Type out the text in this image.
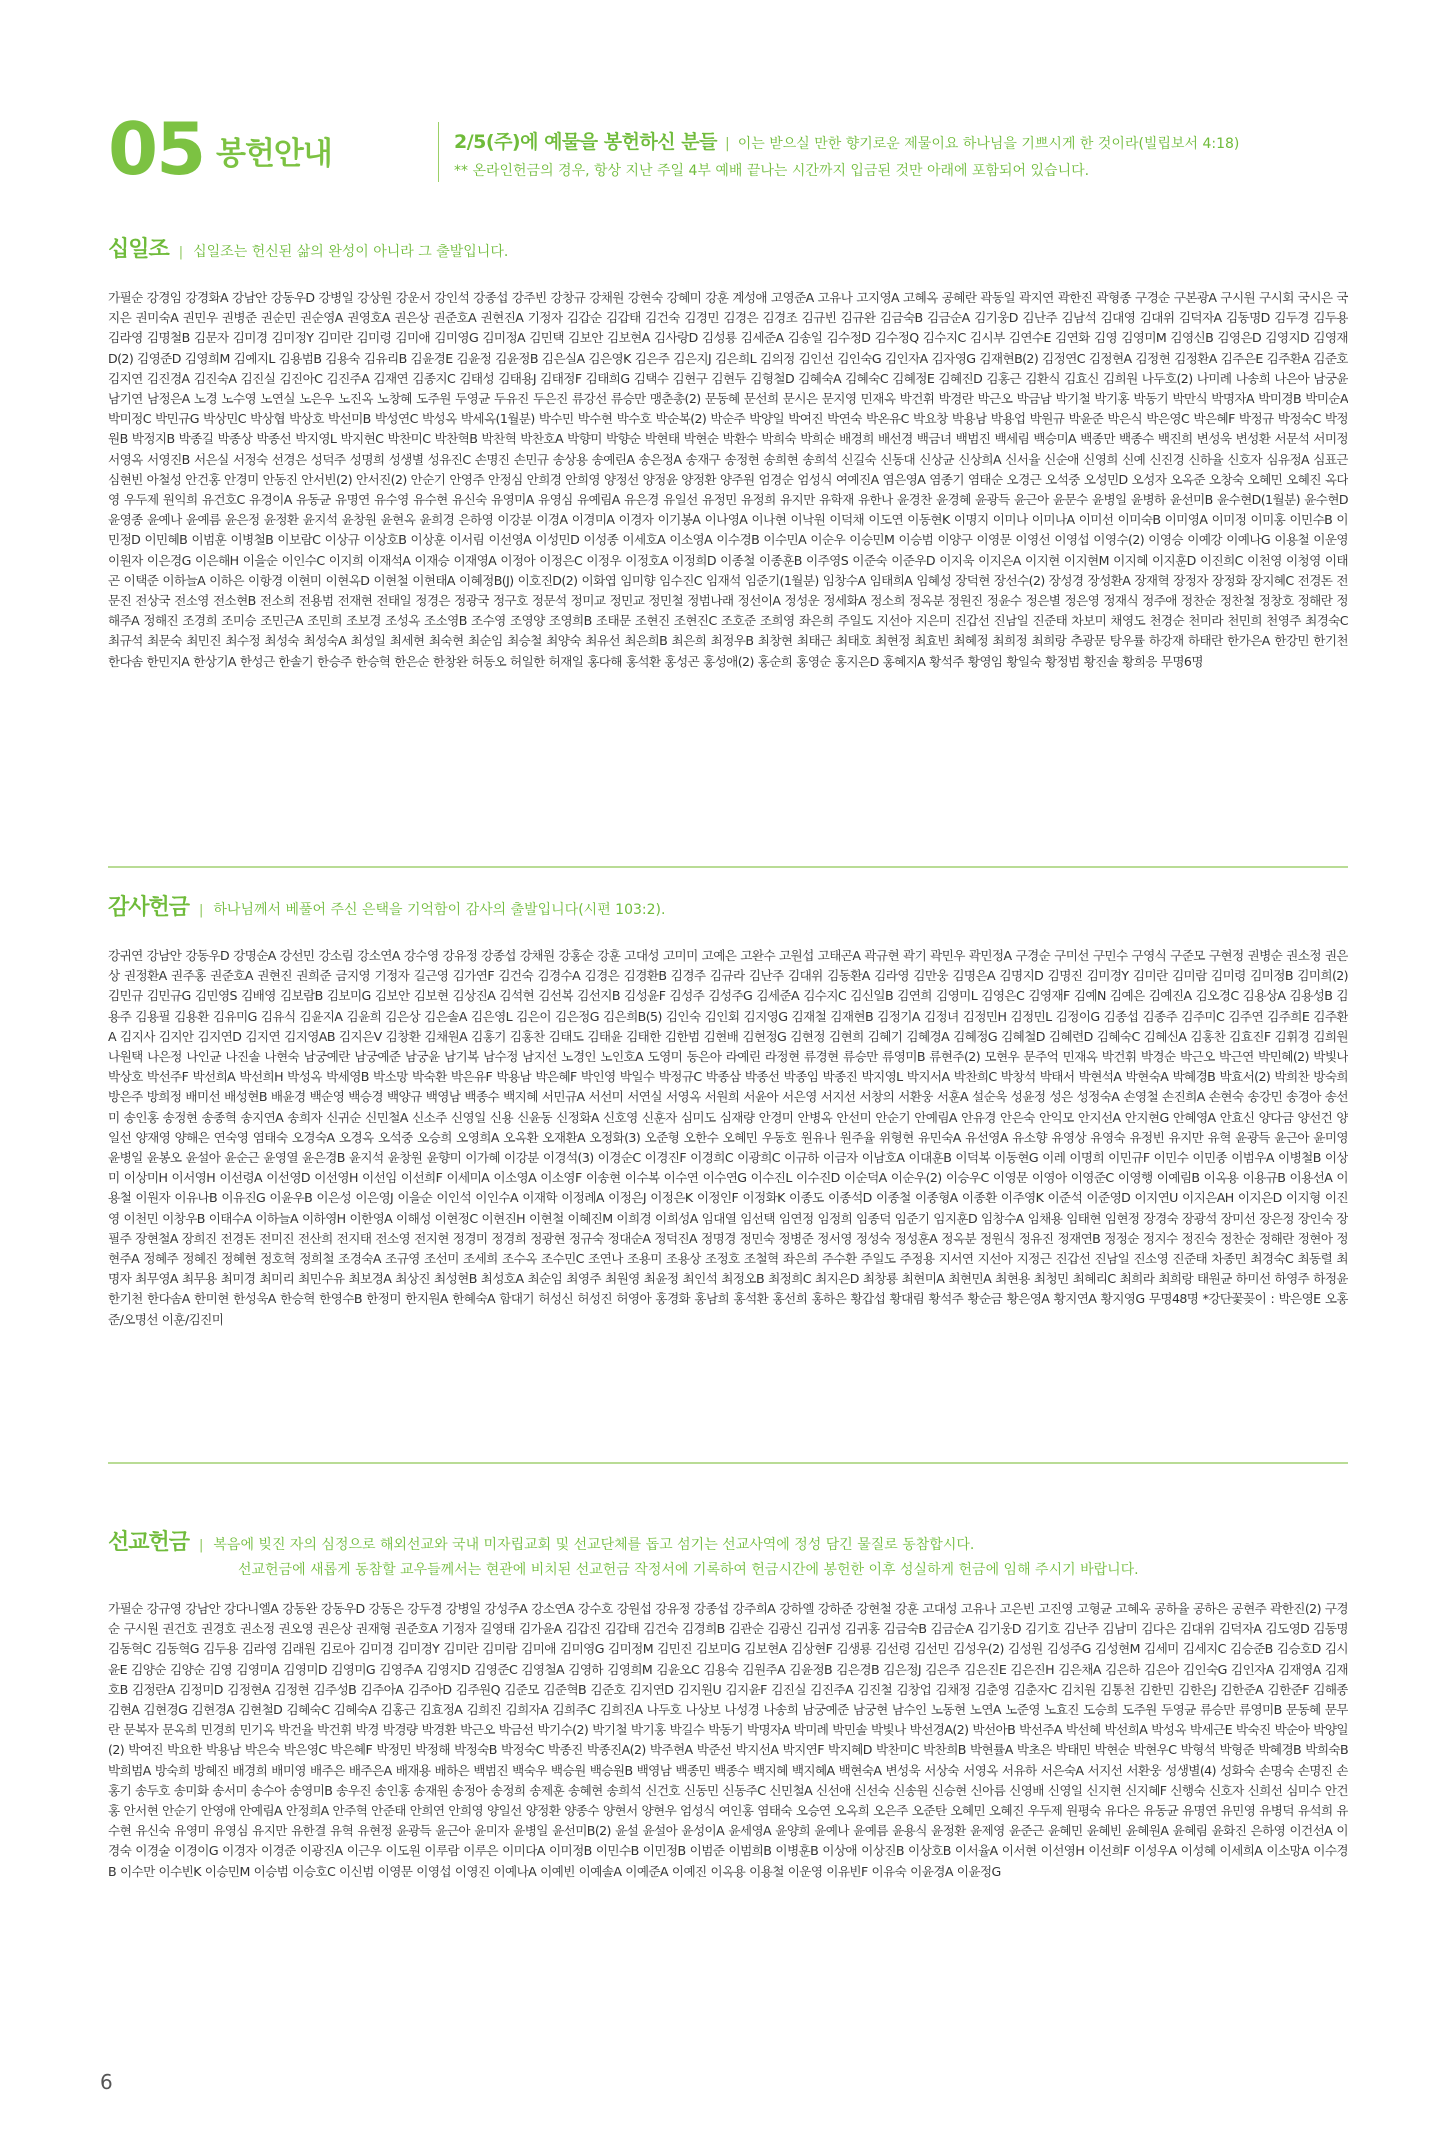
05 봉헌안내	2/5(주)에 예물을 봉헌하신 분들 | 이는 받으실 만한 향기로운 제물이요 하나님을 기쁘시게 한 것이라(빌립보서 4:18)
** 온라인헌금의 경우, 항상 지난 주일 4부 예배 끝나는 시간까지 입금된 것만 아래에 포함되어 있습니다.
십일조 | 십일조는 헌신된 삶의 완성이 아니라 그 출발입니다.
가필순 강경임 강경화A 강남안 강동우D 강병일 강상원 강운서 강인석 강종섭 강주빈 강창규 강채원 강현숙 강혜미 강훈 계성애 고영준A 고유나 고지영A 고혜옥 공혜란 곽동일 곽지연 곽한진 곽형종 구경순 구본광A 구시원 구시회 국시은 국지은 권미숙A 권민우 권병준 권순민 권순영A 권영호A 권은상 권준호A 권현진A 기정자 김갑순 김갑태 김건숙 김경민 김경은 김경조 김규빈 김규완 김금숙B 김금순A 김기웅D 김난주 김남석 김대영 김대위 김덕자A 김동명D 김두경 김두용 김라영 김명철B 김문자 김미경 김미정Y 김미란 김미령 김미애 김미영G 김미정A 김민택 김보안 김보현A 김사랑D 김성룡 김세준A 김송일 김수정D 김수정Q 김수지C 김시부 김연수E 김연화 김영 김영미M 김영신B 김영은D 김영지D 김영재D(2) 김영준D 김영희M 김예지L 김용범B 김용숙 김유리B 김윤경E 김윤정 김윤정B 김은실A 김은영K 김은주 김은지J 김은희L 김의정 김인선 김인숙G 김인자A 김자영G 김재현B(2) 김정연C 김정현A 김정현 김정환A 김주은E 김주환A 김준호 김지연 김진경A 김진숙A 김진실 김진아C 김진주A 김재연 김종지C 김태성 김태용J 김태정F 김태희G 김택수 김현구 김현두 김형철D 김혜숙A 김혜숙C 김혜정E 김혜진D 김홍근 김환식 김효신 김희원 나두호(2) 나미례 나송희 나은아 남궁윤 남기연 남정은A 노경 노수영 노연실 노은우 노진옥 노창혜 도주원 두영균 두유진 두은진 류강선 류승만 맹춘총(2) 문동혜 문선희 문시은 문지영 민재옥 박건휘 박경란 박근오 박금남 박기철 박기홍 박동기 박만식 박명자A 박미경B 박미순A 박미정C 박민규G 박상민C 박상협 박상호 박선미B 박성연C 박성옥 박세옥(1월분) 박수민 박수현 박수호 박순복(2) 박순주 박양일 박여진 박연숙 박온유C 박요창 박용남 박용업 박원규 박윤준 박은식 박은영C 박은혜F 박정규 박정숙C 박정원B 박정지B 박종길 박종상 박종선 박지영L 박지현C 박찬미C 박찬혁B 박찬혁 박찬호A 박향미 박향순 박현태 박현순 박환수 박희숙 박희순 배경희 배선경 백금녀 백범진 백세림 백승미A 백종만 백종수 백진희 변성욱 변성환 서문석 서미정 서영옥 서영진B 서은실 서정숙 선경은 성덕주 성명희 성생별 성유진C 손명진 손민규 송상용 송예린A 송은정A 송재구 송정현 송희현 송희석 신길숙 신동대 신상균 신상희A 신서율 신순애 신영희 신예 신진경 신하율 신호자 심유정A 심표근 심현빈 아철성 안건홍 안경미 안동진 안서빈(2) 안서진(2) 안순기 안영주 안정심 안희경 안희영 양정선 양정윤 양정환 양주원 엄경순 엄성식 여예진A 염은영A 염종기 염태순 오경근 오석중 오성민D 오성자 오옥준 오창숙 오혜민 오혜진 옥다영 우두제 원익희 유건호C 유경이A 유동균 유명연 유수영 유수현 유신숙 유영미A 유영심 유예림A 유은경 유일선 유정민 유정희 유지만 유학재 유한나 윤경찬 윤경혜 윤광득 윤근아 윤문수 윤병일 윤병하 윤선미B 윤수현D(1월분) 윤수현D 윤영종 윤예나 윤예름 윤은정 윤정환 윤지석 윤창원 윤현옥 윤희경 은하영 이강분 이경A 이경미A 이경자 이기봉A 이나영A 이나현 이낙원 이덕채 이도연 이동현K 이명지 이미나 이미나A 이미선 이미숙B 이미영A 이미정 이미홍 이민수B 이민정D 이민혜B 이범훈 이병철B 이보람C 이상규 이상호B 이상훈 이서림 이선영A 이성민D 이성종 이세호A 이소영A 이수경B 이수민A 이순우 이승민M 이승범 이양구 이영문 이영선 이영섭 이영수(2) 이영승 이예강 이예나G 이용철 이운영 이원자 이은경G 이은해H 이을순 이인수C 이지희 이재석A 이재승 이재영A 이정아 이정은C 이정우 이정호A 이정희D 이종철 이종훈B 이주영S 이준숙 이준우D 이지욱 이지은A 이지현 이지현M 이지혜 이지훈D 이진희C 이천영 이청영 이태곤 이택준 이하늘A 이하은 이항경 이현미 이현옥D 이현철 이현태A 이혜정B(J) 이호진D(2) 이화엽 임미향 임수진C 임재석 임준기(1월분) 임창수A 임태희A 임혜성 장덕현 장선수(2) 장성경 장성환A 장재혁 장정자 장정화 장지혜C 전경돈 전문진 전상국 전소영 전소현B 전소희 전용범 전재현 전태일 정경은 정광국 정구호 정문석 정미교 정민교 정민철 정범나래 정선이A 정성운 정세화A 정소희 정옥분 정원진 정윤수 정은별 정은영 정재식 정주애 정찬순 정찬철 정창호 정해란 정해주A 정해진 조경희 조미승 조민근A 조민희 조보경 조성옥 조소영B 조수영 조영양 조영희B 조태문 조현진 조현진C 조호준 조희영 좌은희 주일도 지선아 지은미 진갑선 진남일 진준태 차보미 채영도 천경순 천미라 천민희 천영주 최경숙C 최규석 최문숙 최민진 최수정 최성숙 최성숙A 최성일 최세현 최숙현 최순임 최승철 최양숙 최유선 최은희B 최은희 최정우B 최창현 최태근 최태호 최현정 최효빈 최혜정 최희정 최희랑 추광문 탕우률 하강재 하태란 한가은A 한강민 한기천 한다솜 한민지A 한상기A 한성근 한솔기 한승주 한승혁 한은순 한창완 허동오 허일한 허재일 홍다해 홍석환 홍성곤 홍성애(2) 홍순희 홍영순 홍지은D 홍혜지A 황석주 황영임 황일숙 황정범 황진솔 황희응 무명6명
감사헌금 | 하나님께서 베풀어 주신 은택을 기억함이 감사의 출발입니다(시편 103:2).
강귀연 강남안 강동우D 강명순A 강선민 강소림 강소연A 강수영 강유정 강종섭 강채원 강홍순 강훈 고대성 고미미 고예은 고완수 고원섭 고태곤A 곽규현 곽기 곽민우 곽민정A 구경순 구미선 구민수 구영식 구준모 구현정 권병순 권소정 권은상 권정환A 권주홍 권준호A 권현진 권희준 금지영 기정자 길근영 김가연F 김건숙 김경수A 김경은 김경환B 김경주 김규라 김난주 김대위 김동환A 김라영 김만웅 김명은A 김명지D 김명진 김미경Y 김미란 김미람 김미령 김미정B 김미희(2) 김민규 김민규G 김민영S 김배영 김보람B 김보미G 김보안 김보현 김상진A 김석현 김선복 김선지B 김성윤F 김성주 김성주G 김세준A 김수지C 김신일B 김연희 김영미L 김영은C 김영재F 김예N 김예은 김예진A 김오경C 김용상A 김용성B 김용주 김용필 김용환 김유미G 김유식 김윤지A 김윤희 김은상 김은솔A 김은영L 김은이 김은정G 김은희B(5) 김인숙 김인회 김지영G 김재철 김재현B 김정기A 김정녀 김정민H 김정민L 김정이G 김종섭 김종주 김주미C 김주연 김주희E 김주환A 김지사 김지안 김지연D 김지연 김지영AB 김지은V 김창환 김채원A 김홍기 김홍찬 김태도 김태윤 김태한 김한범 김현배 김현정G 김현정 김현희 김혜기 김혜경A 김혜정G 김혜철D 김혜련D 김혜숙C 김혜신A 김홍찬 김효진F 김휘경 김희원 나원택 나은정 나인균 나진솔 나현숙 남궁예란 남궁예준 남궁윤 남기복 남수정 남지선 노경인 노인호A 도영미 동은아 라예린 라정현 류경현 류승만 류영미B 류현주(2) 모현우 문주억 민재옥 박건휘 박경순 박근오 박근연 박민혜(2) 박빛나 박상호 박선주F 박선희A 박선희H 박성옥 박세영B 박소망 박숙환 박은유F 박용남 박은혜F 박인영 박일수 박정규C 박종삼 박종선 박종임 박종진 박지영L 박지서A 박찬희C 박창석 박태서 박현석A 박현숙A 박혜경B 박효서(2) 박희찬 방숙희 방은주 방희정 배미선 배성현B 배윤경 백순영 백승경 백양규 백영남 백종수 백지혜 서민규A 서선미 서연실 서영옥 서원희 서윤아 서은영 서지선 서창의 서환웅 서훈A 설순욱 성윤정 성은 성정숙A 손영철 손진희A 손현숙 송강민 송경아 송선미 송인홍 송정현 송종혁 송지연A 송희자 신귀순 신민철A 신소주 신영일 신용 신윤동 신정화A 신호영 신훈자 심미도 심재량 안경미 안병옥 안선미 안순기 안예림A 안유경 안은숙 안익모 안지선A 안지현G 안혜영A 안효신 양다금 양선건 양일선 양재영 양해은 연숙영 염태숙 오경숙A 오경옥 오석중 오승희 오영희A 오옥환 오재환A 오정화(3) 오준형 오한수 오혜민 우동호 원유나 원주율 위형현 유민숙A 유선영A 유소향 유영상 유영숙 유정빈 유지만 유혁 윤광득 윤근아 윤미영 윤병일 윤봉오 윤설아 윤순근 윤영열 윤은경B 윤지석 윤창원 윤향미 이가혜 이강분 이경석(3) 이경순C 이경진F 이경희C 이광희C 이규하 이금자 이남호A 이대훈B 이덕복 이동현G 이레 이명희 이민규F 이민수 이민종 이범우A 이병철B 이상미 이상미H 이서영H 이선령A 이선영D 이선영H 이선임 이선희F 이세미A 이소영A 이소영F 이송현 이수복 이수연 이수연G 이수진L 이수진D 이순덕A 이순우(2) 이승우C 이영문 이영아 이영준C 이영행 이예림B 이옥용 이용규B 이용선A 이용철 이원자 이유나B 이유진G 이윤우B 이은성 이은영J 이을순 이인석 이인수A 이재학 이정례A 이정은J 이정은K 이정인F 이정화K 이종도 이종석D 이종철 이종형A 이종환 이주영K 이준석 이준영D 이지연U 이지은AH 이지은D 이지형 이진영 이천민 이창우B 이태수A 이하늘A 이하영H 이한영A 이해성 이현정C 이현진H 이현철 이혜진M 이희경 이희성A 임대열 임선택 임연정 임정희 임종덕 임준기 임지훈D 임창수A 임채용 임태현 임현정 장경숙 장광석 장미선 장은정 장인숙 장필주 장현철A 장희진 전경돈 전미진 전산희 전지태 전소영 전지현 정경미 정경희 정광현 정규숙 정대순A 정덕진A 정명경 정민숙 정병준 정서영 정성숙 정성훈A 정옥분 정원식 정유진 정재연B 정정순 정지수 정진숙 정찬순 정해란 정현아 정현주A 정혜주 정혜진 정혜현 정호혁 정희철 조경숙A 조규영 조선미 조세희 조수옥 조수민C 조연나 조용미 조용상 조정호 조철혁 좌은희 주수환 주일도 주정용 지서연 지선아 지정근 진갑선 진남일 진소영 진준태 차종민 최경숙C 최동렬 최명자 최무영A 최무용 최미경 최미리 최민수유 최보경A 최상진 최성현B 최성호A 최순임 최영주 최원영 최윤정 최인석 최정오B 최정희C 최지은D 최창룡 최현미A 최현민A 최현용 최청민 최혜리C 최희라 최희랑 태원균 하미선 하영주 하정윤 한기천 한다솜A 한미현 한성욱A 한승혁 한영수B 한정미 한지원A 한혜숙A 함대기 허성신 허성진 허영아 홍경화 홍남희 홍석환 홍선희 홍하은 황갑섭 황대림 황석주 황순금 황은영A 황지연A 황지영G 무명48명 *강단꽃꽂이 : 박은영E 오홍준/오명선 이훈/김진미
선교헌금 | 복음에 빚진 자의 심정으로 해외선교와 국내 미자립교회 및 선교단체를 돕고 섬기는 선교사역에 정성 담긴 물질로 동참합시다.
선교헌금에 새롭게 동참할 교우들께서는 현관에 비치된 선교헌금 작정서에 기록하여 헌금시간에 봉헌한 이후 성실하게 헌금에 임해 주시기 바랍니다.
가필순 강규영 강남안 강다니엘A 강동완 강동우D 강동은 강두경 강병일 강성주A 강소연A 강수호 강원섭 강유정 강종섭 강주희A 강하엘 강하준 강현철 강훈 고대성 고유나 고은빈 고진영 고형균 고혜옥 공하율 공하은 공현주 곽한진(2) 구경순 구시원 권건호 권경호 권소정 권오영 권은상 권재형 권준호A 기정자 길영태 김가윤A 김갑진 김갑태 김건숙 김경희B 김관순 김광신 김귀성 김귀홍 김금숙B 김금순A 김기웅D 김기호 김난주 김남미 김다은 김대위 김덕자A 김도영D 김동명 김동혁C 김동혁G 김두용 김라영 김래원 김로아 김미경 김미경Y 김미란 김미람 김미애 김미영G 김미정M 김민진 김보미G 김보현A 김상현F 김생룡 김선령 김선민 김성우(2) 김성원 김성주G 김성현M 김세미 김세지C 김승준B 김승호D 김시윤E 김양순 김양순 김영 김영미A 김영미D 김영미G 김영주A 김영지D 김영준C 김영철A 김영하 김영희M 김윤오C 김용숙 김원주A 김윤정B 김은경B 김은정J 김은주 김은진E 김은진H 김은채A 김은하 김은아 김인숙G 김인자A 김재영A 김재호B 김정란A 김정미D 김정현A 김정현 김주성B 김주아A 김주아D 김주원Q 김준모 김준혁B 김준호 김지연D 김지원U 김지윤F 김진실 김진주A 김진철 김창업 김채정 김춘영 김춘자C 김치원 김통천 김한민 김한은J 김한준A 김한준F 김해종 김현A 김현경G 김현경A 김현철D 김혜숙C 김혜숙A 김홍근 김효정A 김희진 김희자A 김희주C 김희진A 나두호 나상보 나성경 나송희 남궁예준 남궁현 남수인 노동현 노연A 노준영 노효진 도승희 도주원 두영균 류승만 류영미B 문동혜 문무란 문복자 문옥희 민경희 민기옥 박건율 박건휘 박경 박경량 박경환 박근오 박금선 박기수(2) 박기철 박기홍 박길수 박동기 박명자A 박미례 박민솔 박빛나 박선경A(2) 박선아B 박선주A 박선혜 박선희A 박성옥 박세근E 박숙진 박순아 박양일(2) 박여진 박요한 박용남 박은숙 박은영C 박은혜F 박정민 박정해 박정숙B 박정숙C 박종진 박종진A(2) 박주현A 박준선 박지선A 박지연F 박지혜D 박찬미C 박찬희B 박현률A 박초은 박태민 박현순 박현우C 박형석 박형준 박혜경B 박희숙B 박희범A 방숙희 방혜진 배경희 배미영 배주은 배주은A 배재용 배하은 백범진 백숙우 백승원 백승원B 백영남 백종민 백종수 백지혜 백지혜A 백현숙A 변성욱 서상숙 서영옥 서유하 서은숙A 서지선 서환웅 성생별(4) 성화숙 손명숙 손명진 손홍기 송두호 송미화 송서미 송수아 송영미B 송우진 송인홍 송재원 송정아 송정희 송제훈 송혜현 송희석 신건호 신동민 신동주C 신민철A 신선애 신선숙 신송원 신승현 신아름 신영배 신영일 신지현 신지혜F 신행숙 신호자 신희선 심미수 안건홍 안서현 안순기 안영애 안예림A 안정희A 안주혁 안준태 안희연 안희영 양일선 양정환 양종수 양현서 양현우 엄성식 여인홍 염태숙 오승연 오옥희 오은주 오준탄 오혜민 오혜진 우두제 원평숙 유다은 유동균 유명연 유민영 유병덕 유석희 유수현 유신숙 유영미 유영심 유지만 유한결 유혁 유현정 윤광득 윤근아 윤미자 윤병일 윤선미B(2) 윤설 윤설아 윤성이A 윤세영A 윤양희 윤예나 윤예름 윤용식 윤정환 윤제영 윤준근 윤혜민 윤혜빈 윤혜원A 윤혜림 윤화진 은하영 이건선A 이경숙 이경술 이경이G 이경자 이경준 이광진A 이근우 이도원 이루람 이루은 이미다A 이미정B 이민수B 이민정B 이범준 이범희B 이병훈B 이상애 이상진B 이상호B 이서율A 이서현 이선영H 이선희F 이성우A 이성혜 이세희A 이소망A 이수경B 이수만 이수빈K 이승민M 이승범 이승호C 이신범 이영문 이영섭 이영진 이예나A 이예빈 이예솔A 이예준A 이예진 이옥용 이용철 이운영 이유빈F 이유숙 이윤경A 이윤정G
6
